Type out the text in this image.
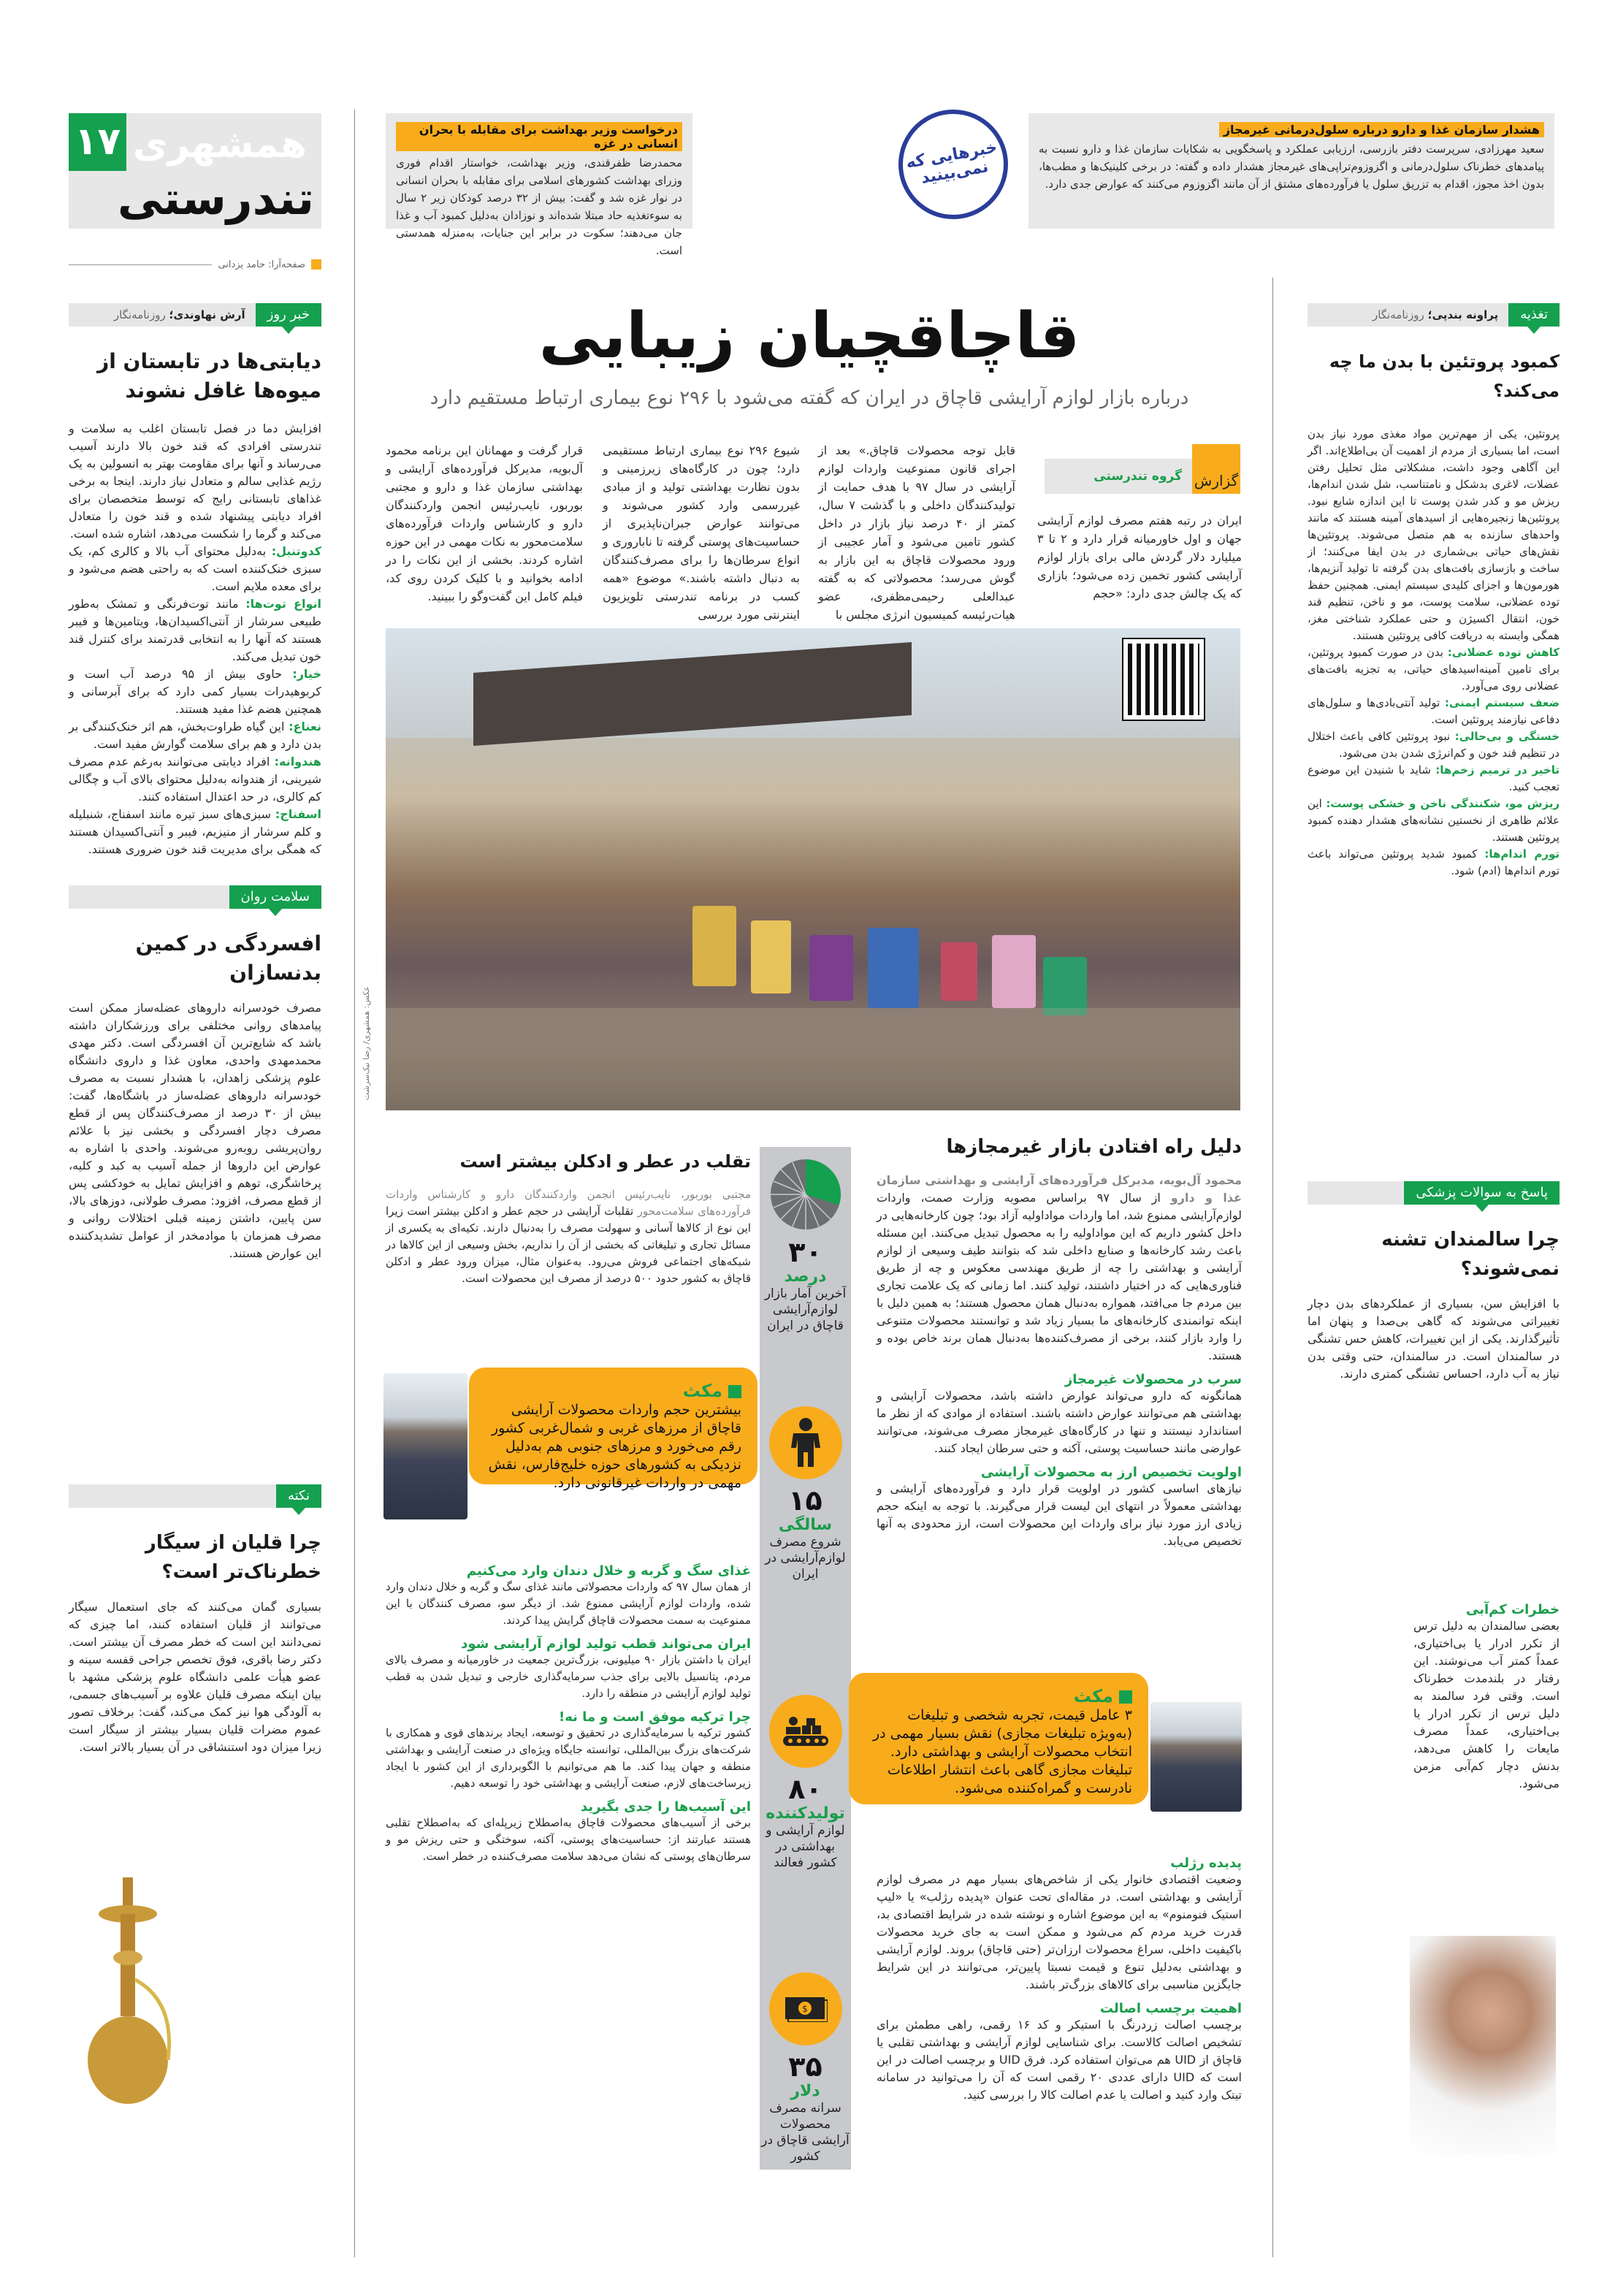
۱۷ همشهری
تندرستی
صفحه‌آرا: حامد یزدانی
درخواست وزیر بهداشت برای مقابله با بحران انسانی در غزه

محمدرضا ظفرقندی، وزیر بهداشت، خواستار اقدام فوری وزرای بهداشت کشورهای اسلامی برای مقابله با بحران انسانی در نوار غزه شد و گفت: بیش از ۳۲ درصد کودکان زیر ۲ سال به سوءتغذیه حاد مبتلا شده‌اند و نوزادان به‌دلیل کمبود آب و غذا جان می‌دهند؛ سکوت در برابر این جنایات، به‌منزله همدستی است.

خبرهایی که نمی‌بینید
هشدار سازمان غذا و دارو درباره سلول‌درمانی غیرمجاز

سعید مهرزادی، سرپرست دفتر بازرسی، ارزیابی عملکرد و پاسخگویی به شکایات سازمان غذا و دارو نسبت به پیامدهای خطرناک سلول‌درمانی و اگزوزوم‌تراپی‌های غیرمجاز هشدار داده و گفته: در برخی کلینیک‌ها و مطب‌ها، بدون اخذ مجوز، اقدام به تزریق سلول یا فرآورده‌های مشتق از آن مانند اگزوزوم می‌کنند که عوارض جدی دارد.

خبر روز
آرش نهاوندی؛ روزنامه‌نگار
دیابتی‌ها در تابستان از میوه‌ها غافل نشوند

افزایش دما در فصل تابستان اغلب به سلامت و تندرستی افرادی که قند خون بالا دارند آسیب می‌رساند و آنها برای مقاومت بهتر به انسولین به یک رژیم غذایی سالم و متعادل نیاز دارند. اینجا به برخی غذاهای تابستانی رایج که توسط متخصصان برای افراد دیابتی پیشنهاد شده و قند خون را متعادل می‌کند و گرما را شکست می‌دهد، اشاره شده است.

کدوتنبل: به‌دلیل محتوای آب بالا و کالری کم، یک سبزی خنک‌کننده است که به راحتی هضم می‌شود و برای معده ملایم است.

انواع توت‌ها: مانند توت‌فرنگی و تمشک به‌طور طبیعی سرشار از آنتی‌اکسیدان‌ها، ویتامین‌ها و فیبر هستند که آنها را به انتخابی قدرتمند برای کنترل قند خون تبدیل می‌کند.

خیار: حاوی بیش از ۹۵ درصد آب است و کربوهیدرات بسیار کمی دارد که برای آبرسانی و همچنین هضم غذا مفید هستند.

نعناع: این گیاه طراوت‌بخش، هم اثر خنک‌کنندگی بر بدن دارد و هم برای سلامت گوارش مفید است.

هندوانه: افراد دیابتی می‌توانند به‌رغم عدم مصرف شیرینی، از هندوانه به‌دلیل محتوای بالای آب و چگالی کم کالری، در حد اعتدال استفاده کنند.

اسفناج: سبزی‌های سبز تیره مانند اسفناج، شنبلیله و کلم سرشار از منیزیم، فیبر و آنتی‌اکسیدان هستند که همگی برای مدیریت قند خون ضروری هستند.

سلامت روان
افسردگی در کمین بدنسازان

مصرف خودسرانه داروهای عضله‌ساز ممکن است پیامدهای روانی مختلفی برای ورزشکاران داشته باشد که شایع‌ترین آن افسردگی است. دکتر مهدی محمدمهدی واحدی، معاون غذا و داروی دانشگاه علوم پزشکی زاهدان، با هشدار نسبت به مصرف خودسرانه داروهای عضله‌ساز در باشگاه‌ها، گفت: بیش از ۳۰ درصد از مصرف‌کنندگان پس از قطع مصرف دچار افسردگی و بخشی نیز با علائم روان‌پریشی روبه‌رو می‌شوند. واحدی با اشاره به عوارض این داروها از جمله آسیب به کبد و کلیه، پرخاشگری، توهم و افزایش تمایل به خودکشی پس از قطع مصرف، افزود: مصرف طولانی، دوزهای بالا، سن پایین، داشتن زمینه قبلی اختلالات روانی و مصرف همزمان با موادمخدر از عوامل تشدیدکننده این عوارض هستند.

نکته
چرا قلیان از سیگار خطرناک‌تر است؟

بسیاری گمان می‌کنند که جای استعمال سیگار می‌توانند از قلیان استفاده کنند، اما چیزی که نمی‌دانند این است که خطر مصرف آن بیشتر است. دکتر رضا باقری، فوق تخصص جراحی قفسه سینه و عضو هیأت علمی دانشگاه علوم پزشکی مشهد با بیان اینکه مصرف قلیان علاوه بر آسیب‌های جسمی، به آلودگی هوا نیز کمک می‌کند، گفت: برخلاف تصور عموم مضرات قلیان بسیار بیشتر از سیگار است زیرا میزان دود استنشاقی در آن بسیار بالاتر است.

تغذیه
پراونه بندپی؛ روزنامه‌نگار
کمبود پروتئین با بدن ما چه می‌کند؟

پروتئین، یکی از مهم‌ترین مواد مغذی مورد نیاز بدن است، اما بسیاری از مردم از اهمیت آن بی‌اطلاع‌اند. اگر این آگاهی وجود داشت، مشکلاتی مثل تحلیل رفتن عضلات، لاغری بدشکل و نامتناسب، شل شدن اندام‌ها، ریزش مو و کدر شدن پوست تا این اندازه شایع نبود. پروتئین‌ها زنجیره‌هایی از اسیدهای آمینه هستند که مانند واحدهای سازنده به هم متصل می‌شوند. پروتئین‌ها نقش‌های حیاتی بی‌شماری در بدن ایفا می‌کنند؛ از ساخت و بازسازی بافت‌های بدن گرفته تا تولید آنزیم‌ها، هورمون‌ها و اجزای کلیدی سیستم ایمنی. همچنین حفظ توده عضلانی، سلامت پوست، مو و ناخن، تنظیم قند خون، انتقال اکسیژن و حتی عملکرد شناختی مغز، همگی وابسته به دریافت کافی پروتئین هستند.

کاهش توده عضلانی: بدن در صورت کمبود پروتئین، برای تامین آمینه‌اسیدهای حیاتی، به تجزیه بافت‌های عضلانی روی می‌آورد.

ضعف سیستم ایمنی: تولید آنتی‌بادی‌ها و سلول‌های دفاعی نیازمند پروتئین است.

خستگی و بی‌حالی: نبود پروتئین کافی باعث اختلال در تنظیم قند خون و کم‌انرژی شدن بدن می‌شود.

تاخیر در ترمیم زخم‌ها: شاید با شنیدن این موضوع تعجب کنید.

ریزش مو، شکنندگی ناخن و خشکی پوست: این علائم ظاهری از نخستین نشانه‌های هشدار دهنده کمبود پروتئین هستند.

تورم اندام‌ها: کمبود شدید پروتئین می‌تواند باعث تورم اندام‌ها (ادم) شود.

پاسخ به سوالات پزشکی
چرا سالمندان تشنه نمی‌شوند؟

با افزایش سن، بسیاری از عملکردهای بدن دچار تغییراتی می‌شوند که گاهی بی‌صدا و پنهان اما تأثیرگذارند. یکی از این تغییرات، کاهش حس تشنگی در سالمندان است. در سالمندان، حتی وقتی بدن نیاز به آب دارد، احساس تشنگی کمتری دارند.

خطرات کم‌آبی

بعضی سالمندان به دلیل ترس از تکرر ادرار یا بی‌اختیاری، عمداً کمتر آب می‌نوشند. این رفتار در بلندمدت خطرناک است. وقتی فرد سالمند به دلیل ترس از تکرر ادرار یا بی‌اختیاری، عمداً مصرف مایعات را کاهش می‌دهد، بدنش دچار کم‌آبی مزمن می‌شود.

قاچاقچیان زیبایی
درباره بازار لوازم آرایشی قاچاق در ایران که گفته می‌شود با ۲۹۶ نوع بیماری ارتباط مستقیم دارد
گزارش
گروه تندرستی

ایران در رتبه هفتم مصرف لوازم آرایشی جهان و اول خاورمیانه قرار دارد و ۲ تا ۳ میلیارد دلار گردش مالی برای بازار لوازم آرایشی کشور تخمین زده می‌شود؛ بازاری که یک چالش جدی دارد: «حجم

قابل توجه محصولات قاچاق.» بعد از اجرای قانون ممنوعیت واردات لوازم آرایشی در سال ۹۷ با هدف حمایت از تولیدکنندگان داخلی و با گذشت ۷ سال، کمتر از ۴۰ درصد نیاز بازار در داخل کشور تامین می‌شود و آمار عجیبی از ورود محصولات قاچاق به این بازار به گوش می‌رسد؛ محصولاتی که به گفته عبدالعلی رحیمی‌مظفری، عضو هیات‌رئیسه کمیسیون انرژی مجلس با

شیوع ۲۹۶ نوع بیماری ارتباط مستقیمی دارد؛ چون در کارگاه‌های زیرزمینی و بدون نظارت بهداشتی تولید و از مبادی غیررسمی وارد کشور می‌شوند و می‌توانند عوارض جبران‌ناپذیری از حساسیت‌های پوستی گرفته تا ناباروری و انواع سرطان‌ها را برای مصرف‌کنندگان به دنبال داشته باشند.» موضوع «همه کسب در برنامه تندرستی تلویزیون اینترنتی مورد بررسی

قرار گرفت و مهمانان این برنامه محمود آل‌بویه، مدیرکل فرآورده‌های آرایشی و بهداشتی سازمان غذا و دارو و مجتبی بوربور، نایب‌رئیس انجمن واردکنندگان دارو و کارشناس واردات فرآورده‌های سلامت‌محور به نکات مهمی در این حوزه اشاره کردند. بخشی از این نکات را در ادامه بخوانید و با کلیک کردن روی کد، فیلم کامل این گفت‌وگو را ببینید.

عکس: همشهری/ رضا نیک‌سرشت
دلیل راه افتادن بازار غیرمجازها

محمود آل‌بویه، مدیرکل فرآورده‌های آرایشی و بهداشتی سازمان غذا و دارو از سال ۹۷ براساس مصوبه وزارت صمت، واردات لوازم‌آرایشی ممنوع شد، اما واردات مواداولیه آزاد بود؛ چون کارخانه‌هایی در داخل کشور داریم که این مواداولیه را به محصول تبدیل می‌کنند. این مسئله باعث رشد کارخانه‌ها و صنایع داخلی شد که بتوانند طیف وسیعی از لوازم آرایشی و بهداشتی را چه از طریق مهندسی معکوس و چه از طریق فناوری‌هایی که در اختیار داشتند، تولید کنند. اما زمانی که یک علامت تجاری بین مردم جا می‌افتد، همواره به‌دنبال همان محصول هستند؛ به همین دلیل با اینکه توانمندی کارخانه‌های ما بسیار زیاد شد و توانستند محصولات متنوعی را وارد بازار کنند، برخی از مصرف‌کننده‌ها به‌دنبال همان برند خاص بوده و هستند.

سرب در محصولات غیرمجاز

همانگونه که دارو می‌تواند عوارض داشته باشد، محصولات آرایشی و بهداشتی هم می‌توانند عوارض داشته باشند. استفاده از موادی که از نظر ما استاندارد نیستند و تنها در کارگاه‌های غیرمجاز مصرف می‌شوند، می‌توانند عوارضی مانند حساسیت پوستی، آکنه و حتی سرطان ایجاد کنند.

اولویت تخصیص ارز به محصولات آرایشی

نیازهای اساسی کشور در اولویت قرار دارد و فرآورده‌های آرایشی و بهداشتی معمولاً در انتهای این لیست قرار می‌گیرند. با توجه به اینکه حجم زیادی ارز مورد نیاز برای واردات این محصولات است، ارز محدودی به آنها تخصیص می‌یابد.

پدیده رژلب

وضعیت اقتصادی خانوار یکی از شاخص‌های بسیار مهم در مصرف لوازم آرایشی و بهداشتی است. در مقاله‌ای تحت عنوان «پدیده رژلب» یا «لیپ استیک فنومنوم» به این موضوع اشاره و نوشته شده در شرایط اقتصادی بد، قدرت خرید مردم کم می‌شود و ممکن است به جای خرید محصولات باکیفیت داخلی، سراغ محصولات ارزان‌تر (حتی قاچاق) بروند. لوازم آرایشی و بهداشتی به‌دلیل تنوع و قیمت نسبتا پایین‌تر، می‌توانند در این شرایط جایگزین مناسبی برای کالاهای بزرگ‌تر باشند.

اهمیت برچسب اصالت

برچسب اصالت زردرنگ با استیکر و کد ۱۶ رقمی، راهی مطمئن برای تشخیص اصالت کالاست. برای شناسایی لوازم آرایشی و بهداشتی تقلبی یا قاچاق از UID هم می‌توان استفاده کرد. فرق UID و برچسب اصالت در این است که UID دارای عددی ۲۰ رقمی است که آن را می‌توانید در سامانه تیتک وارد کنید و اصالت یا عدم اصالت کالا را بررسی کنید.

تقلب در عطر و ادکلن بیشتر است

مجتبی بوربور، نایب‌رئیس انجمن واردکنندگان دارو و کارشناس واردات فرآورده‌های سلامت‌محور تقلبات آرایشی در حجم عطر و ادکلن بیشتر است زیرا این نوع از کالاها آسانی و سهولت مصرف را به‌دنبال دارند. تکیه‌ای به یکسری از مسائل تجاری و تبلیغاتی که بخشی از آن را نداریم، بخش وسیعی از این کالاها در شبکه‌های اجتماعی فروش می‌رود. به‌عنوان مثال، میزان ورود عطر و ادکلن قاچاق به کشور حدود ۵۰۰ درصد از مصرف این محصولات است.

غذای سگ و گربه و خلال دندان وارد می‌کنیم

از همان سال ۹۷ که واردات محصولاتی مانند غذای سگ و گربه و خلال دندان وارد شده، واردات لوازم آرایشی ممنوع شد. از دیگر سو، مصرف کنندگان با این ممنوعیت به سمت محصولات قاچاق گرایش پیدا کردند.

ایران می‌تواند قطب تولید لوازم آرایشی شود

ایران با داشتن بازار ۹۰ میلیونی، بزرگ‌ترین جمعیت در خاورمیانه و مصرف بالای مردم، پتانسیل بالایی برای جذب سرمایه‌گذاری خارجی و تبدیل شدن به قطب تولید لوازم آرایشی در منطقه را دارد.

چرا ترکیه موفق است و ما نه!

کشور ترکیه با سرمایه‌گذاری در تحقیق و توسعه، ایجاد برندهای قوی و همکاری با شرکت‌های بزرگ بین‌المللی، توانسته جایگاه ویژه‌ای در صنعت آرایشی و بهداشتی منطقه و جهان پیدا کند. ما هم می‌توانیم با الگوبرداری از این کشور با ایجاد زیرساخت‌های لازم، صنعت آرایشی و بهداشتی خود را توسعه دهیم.

این آسیب‌ها را جدی بگیرید

برخی از آسیب‌های محصولات قاچاق به‌اصطلاح زیرپله‌ای که به‌اصطلاح تقلبی هستند عبارتند از: حساسیت‌های پوستی، آکنه، سوختگی و حتی ریزش مو و سرطان‌های پوستی که نشان می‌دهد سلامت مصرف‌کننده در خطر است.

۳۰
درصد
آخرین آمار بازار لوازم‌آرایشی قاچاق در ایران
۱۵
سالگی
شروع مصرف لوازم‌آرایشی در ایران
۸۰
تولیدکننده
لوازم آرایشی و بهداشتی در کشور فعالند
$
۳۵
دلار
سرانه مصرف محصولات آرایشی قاچاق در کشور
مکث
بیشترین حجم واردات محصولات آرایشی قاچاق از مرزهای غربی و شمال‌غربی کشور رقم می‌خورد و مرزهای جنوبی هم به‌دلیل نزدیکی به کشورهای حوزه خلیج‌فارس، نقش مهمی در واردات غیرقانونی دارد.
مکث
۳ عامل قیمت، تجربه شخصی و تبلیغات (به‌ویژه تبلیغات مجازی) نقش بسیار مهمی در انتخاب محصولات آرایشی و بهداشتی دارد. تبلیغات مجازی گاهی باعث انتشار اطلاعات نادرست و گمراه‌کننده می‌شود.
